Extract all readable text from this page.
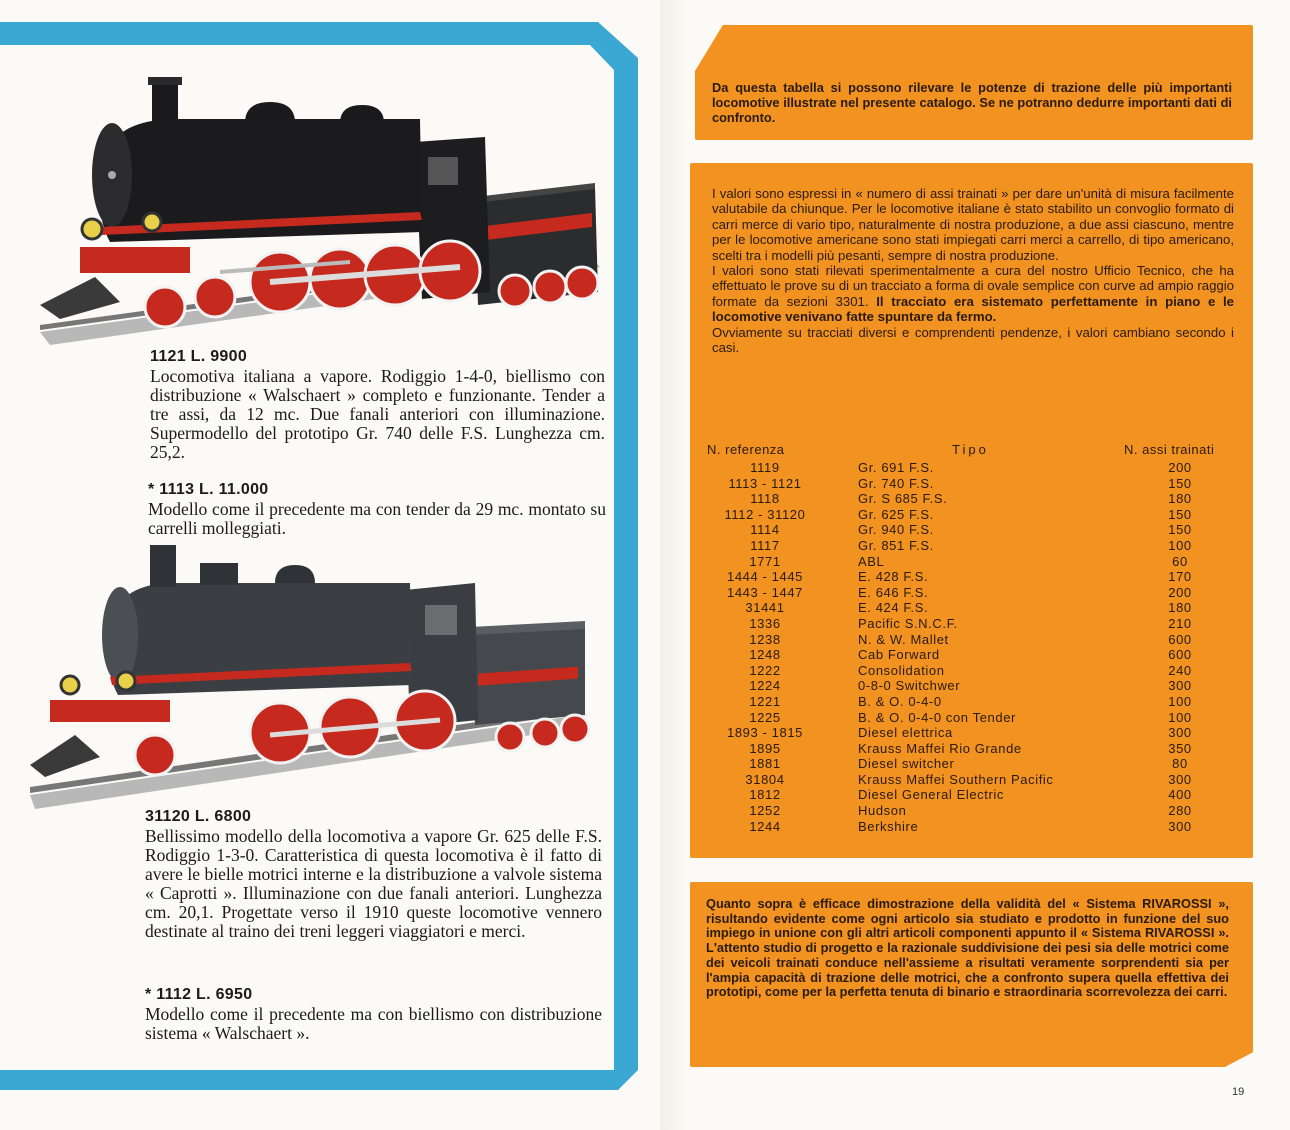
1121 L. 9900
Locomotiva italiana a vapore. Rodiggio 1-4-0, biellismo con distribuzione « Walschaert » completo e funzionante. Tender a tre assi, da 12 mc. Due fanali anteriori con illuminazione. Supermodello del prototipo Gr. 740 delle F.S. Lunghezza cm. 25,2.
* 1113 L. 11.000
Modello come il precedente ma con tender da 29 mc. montato su carrelli molleggiati.
31120 L. 6800
Bellissimo modello della locomotiva a vapore Gr. 625 delle F.S. Rodiggio 1-3-0. Caratteristica di questa locomotiva è il fatto di avere le bielle motrici interne e la distribuzione a valvole sistema « Caprotti ». Illuminazione con due fanali anteriori. Lunghezza cm. 20,1. Progettate verso il 1910 queste locomotive vennero destinate al traino dei treni leggeri viaggiatori e merci.
* 1112 L. 6950
Modello come il precedente ma con biellismo con distribuzione sistema « Walschaert ».
Da questa tabella si possono rilevare le potenze di trazione delle più importanti locomotive illustrate nel presente catalogo. Se ne potranno dedurre importanti dati di confronto.

I valori sono espressi in « numero di assi trainati » per dare un'unità di misura facilmente valutabile da chiunque. Per le locomotive italiane è stato stabilito un convoglio formato di carri merce di vario tipo, naturalmente di nostra produzione, a due assi ciascuno, mentre per le locomotive americane sono stati impiegati carri merci a carrello, di tipo americano, scelti tra i modelli più pesanti, sempre di nostra produzione.

I valori sono stati rilevati sperimentalmente a cura del nostro Ufficio Tecnico, che ha effettuato le prove su di un tracciato a forma di ovale semplice con curve ad ampio raggio formate da sezioni 3301. Il tracciato era sistemato perfettamente in piano e le locomotive venivano fatte spuntare da fermo.

Ovviamente su tracciati diversi e comprendenti pendenze, i valori cambiano secondo i casi.

N. referenza	Tipo	N. assi trainati
1119	Gr. 691 F.S.	200
1113 - 1121	Gr. 740 F.S.	150
1118	Gr. S 685 F.S.	180
1112 - 31120	Gr. 625 F.S.	150
1114	Gr. 940 F.S.	150
1117	Gr. 851 F.S.	100
1771	ABL	60
1444 - 1445	E. 428 F.S.	170
1443 - 1447	E. 646 F.S.	200
31441	E. 424 F.S.	180
1336	Pacific S.N.C.F.	210
1238	N. & W. Mallet	600
1248	Cab Forward	600
1222	Consolidation	240
1224	0-8-0 Switchwer	300
1221	B. & O. 0-4-0	100
1225	B. & O. 0-4-0 con Tender	100
1893 - 1815	Diesel elettrica	300
1895	Krauss Maffei Rio Grande	350
1881	Diesel switcher	80
31804	Krauss Maffei Southern Pacific	300
1812	Diesel General Electric	400
1252	Hudson	280
1244	Berkshire	300
Quanto sopra è efficace dimostrazione della validità del « Sistema RIVAROSSI », risultando evidente come ogni articolo sia studiato e prodotto in funzione del suo impiego in unione con gli altri articoli componenti appunto il « Sistema RIVAROSSI ». L'attento studio di progetto e la razionale suddivisione dei pesi sia delle motrici come dei veicoli trainati conduce nell'assieme a risultati veramente sorprendenti sia per l'ampia capacità di trazione delle motrici, che a confronto supera quella effettiva dei prototipi, come per la perfetta tenuta di binario e straordinaria scorrevolezza dei carri.
19
